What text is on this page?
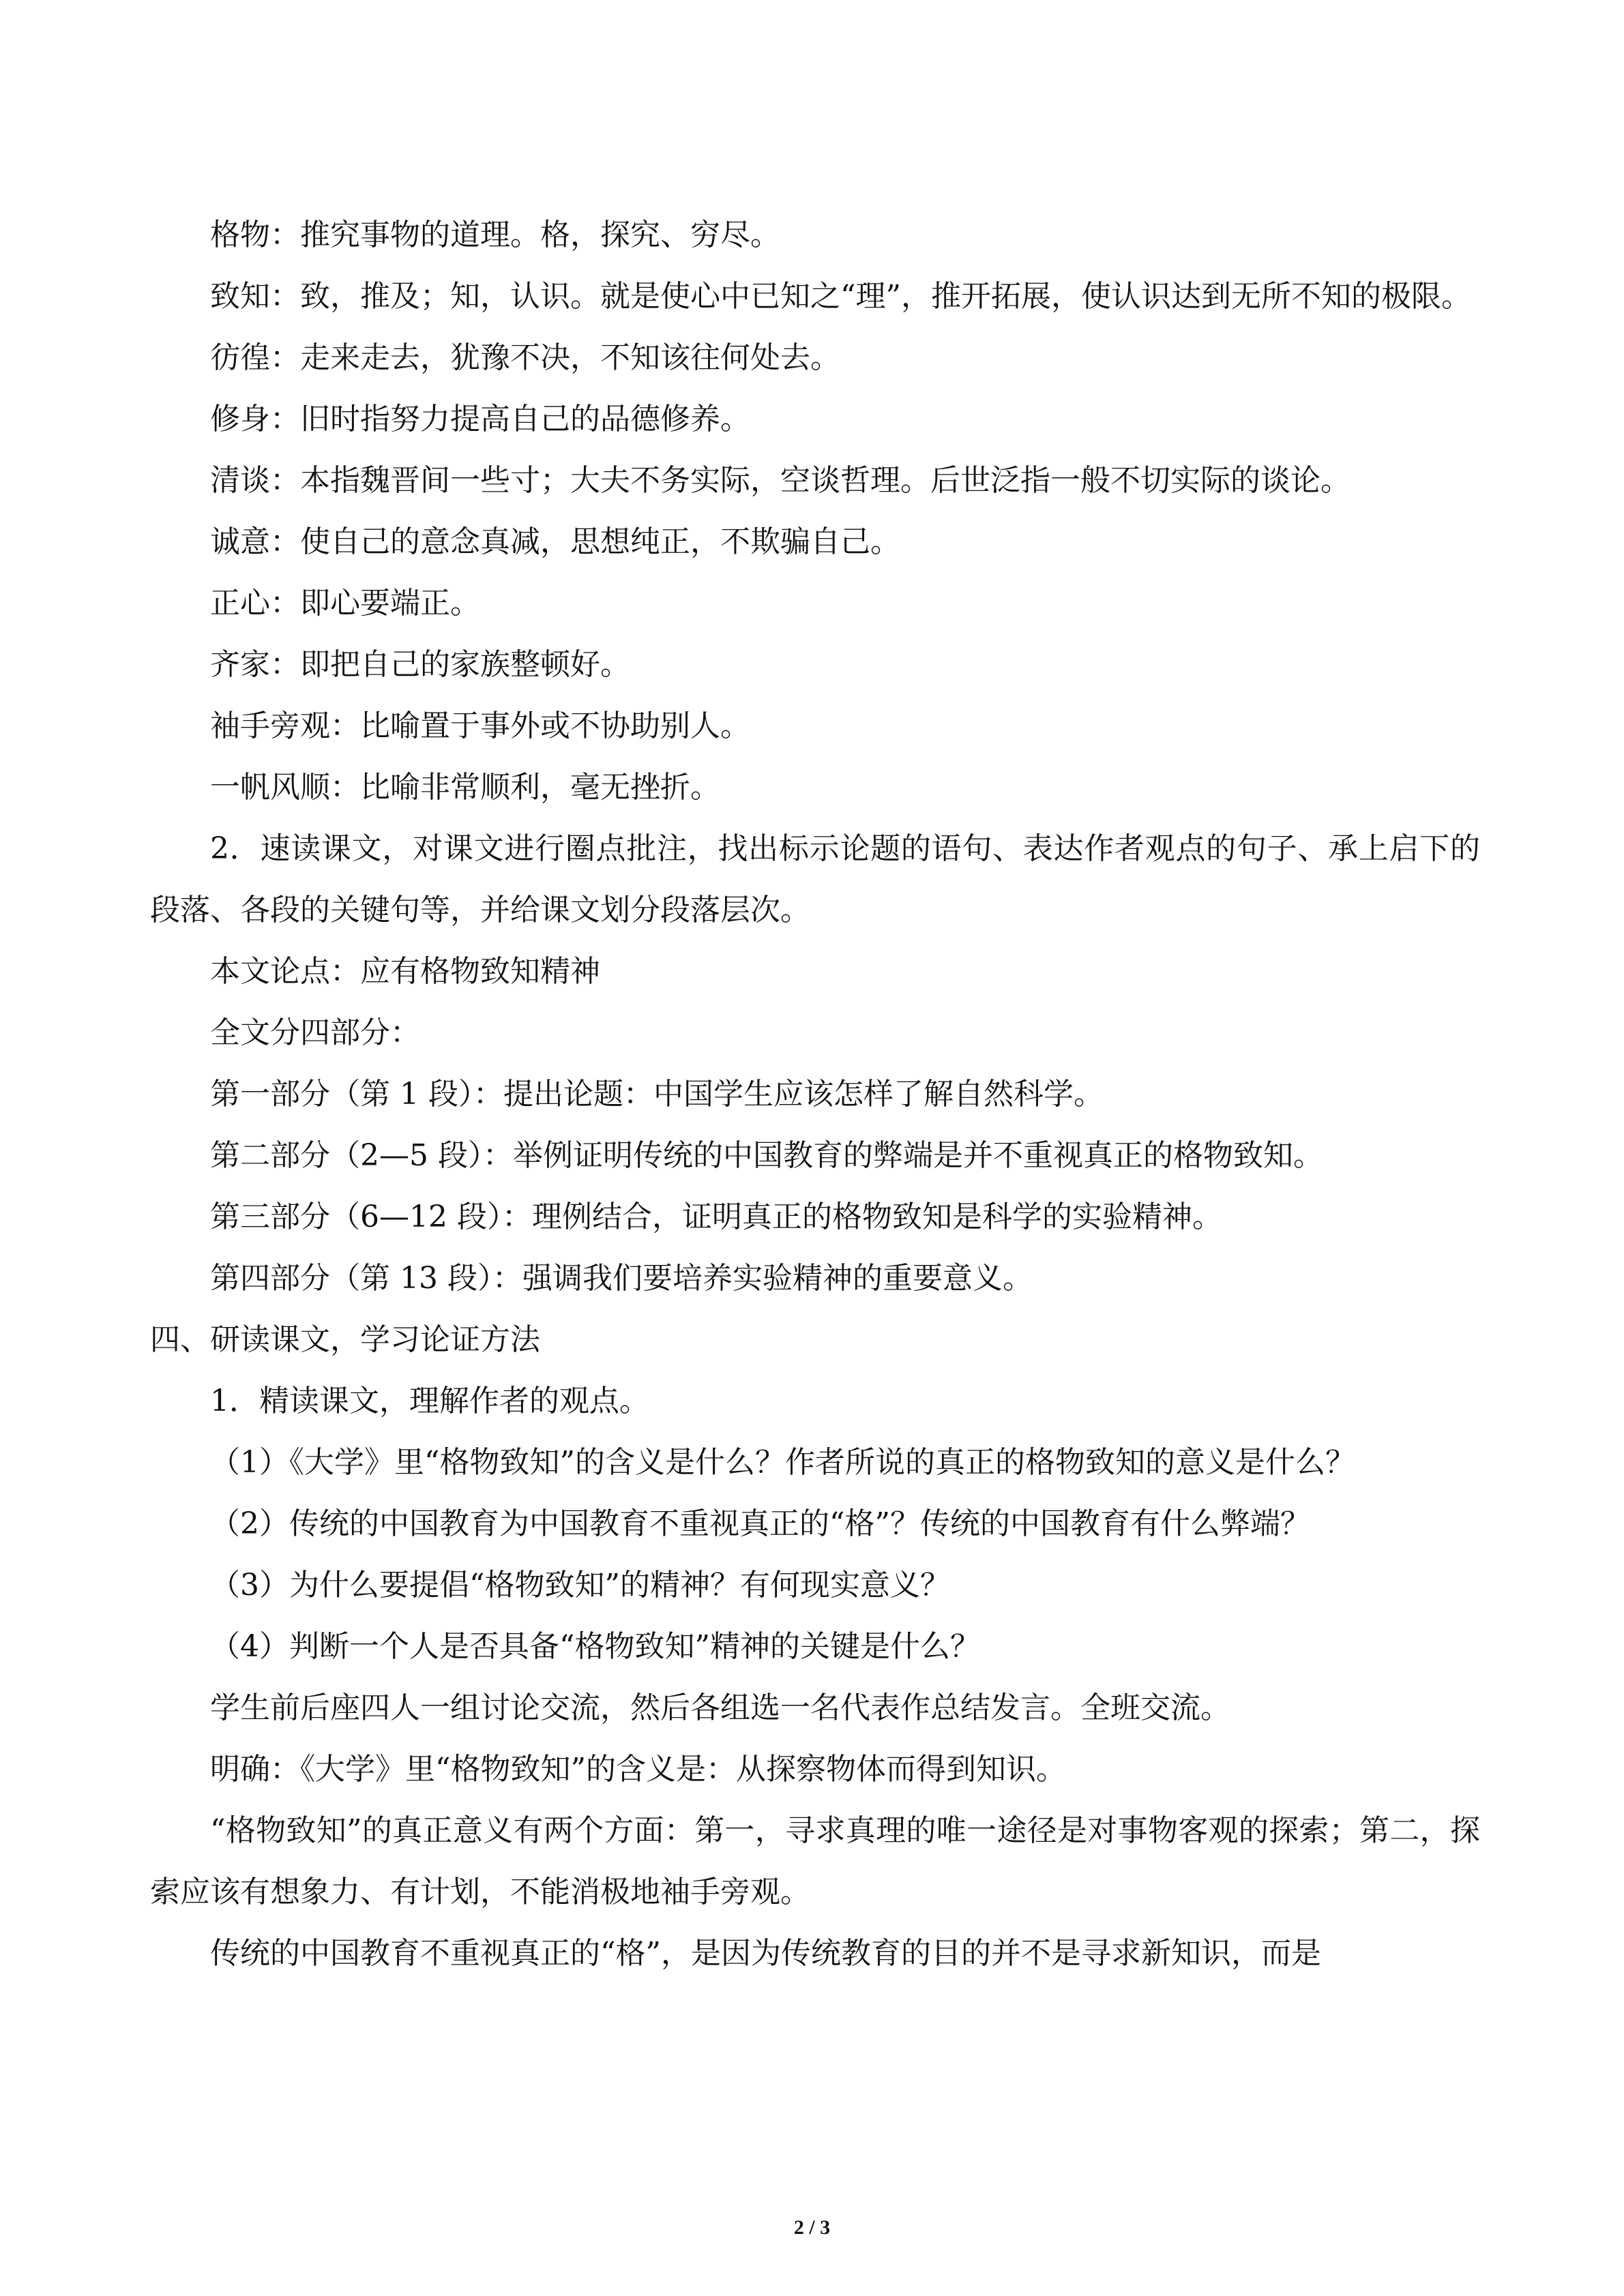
格物：推究事物的道理。格，探究、穷尽。

致知：致，推及；知，认识。就是使心中已知之“理”，推开拓展，使认识达到无所不知的极限。

彷徨：走来走去，犹豫不决，不知该往何处去。

修身：旧时指努力提高自己的品德修养。

清谈：本指魏晋间一些寸；大夫不务实际，空谈哲理。后世泛指一般不切实际的谈论。

诚意：使自己的意念真减，思想纯正，不欺骗自己。

正心：即心要端正。

齐家：即把自己的家族整顿好。

袖手旁观：比喻置于事外或不协助别人。

一帆风顺：比喻非常顺利，毫无挫折。

2．速读课文，对课文进行圈点批注，找出标示论题的语句、表达作者观点的句子、承上启下的段落、各段的关键句等，并给课文划分段落层次。

本文论点：应有格物致知精神

全文分四部分：

第一部分（第 1 段）：提出论题：中国学生应该怎样了解自然科学。

第二部分（2—5 段）：举例证明传统的中国教育的弊端是并不重视真正的格物致知。

第三部分（6—12 段）：理例结合，证明真正的格物致知是科学的实验精神。

第四部分（第 13 段）：强调我们要培养实验精神的重要意义。

四、研读课文，学习论证方法

1．精读课文，理解作者的观点。

（1）《大学》里“格物致知”的含义是什么？作者所说的真正的格物致知的意义是什么？

（2）传统的中国教育为中国教育不重视真正的“格”？传统的中国教育有什么弊端？

（3）为什么要提倡“格物致知”的精神？有何现实意义？

（4）判断一个人是否具备“格物致知”精神的关键是什么？

学生前后座四人一组讨论交流，然后各组选一名代表作总结发言。全班交流。

明确：《大学》里“格物致知”的含义是：从探察物体而得到知识。

“格物致知”的真正意义有两个方面：第一，寻求真理的唯一途径是对事物客观的探索；第二，探索应该有想象力、有计划，不能消极地袖手旁观。

传统的中国教育不重视真正的“格”，是因为传统教育的目的并不是寻求新知识，而是

2 / 3
